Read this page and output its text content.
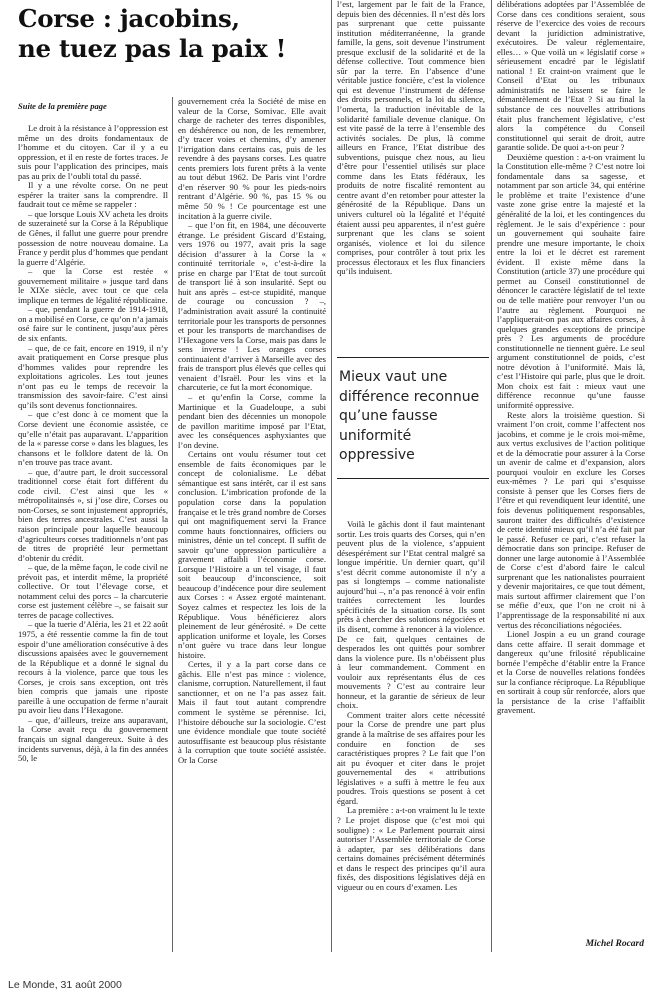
Corse : jacobins,
ne tuez pas la paix !
Suite de la première page

Le droit à la résistance à l’oppression est même un des droits fondamentaux de l’homme et du citoyen. Car il y a eu oppression, et il en reste de fortes traces. Je suis pour l’application des principes, mais pas au prix de l’oubli total du passé.

Il y a une révolte corse. On ne peut espérer la traiter sans la comprendre. Il faudrait tout ce même se rappeler :

– que lorsque Louis XV acheta les droits de suzeraineté sur la Corse à la République de Gênes, il fallut une guerre pour prendre possession de notre nouveau domaine. La France y perdit plus d’hommes que pendant la guerre d’Algérie.

– que la Corse est restée « gouvernement militaire » jusque tard dans le XIXe siècle, avec tout ce que cela implique en termes de légalité républicaine.

– que, pendant la guerre de 1914-1918, on a mobilisé en Corse, ce qu’on n’a jamais osé faire sur le continent, jusqu’aux pères de six enfants.

– que, de ce fait, encore en 1919, il n’y avait pratiquement en Corse presque plus d’hommes valides pour reprendre les exploitations agricoles. Les tout jeunes n’ont pas eu le temps de recevoir la transmission des savoir-faire. C’est ainsi qu’ils sont devenus fonctionnaires.

– que c’est donc à ce moment que la Corse devient une économie assistée, ce qu’elle n’était pas auparavant. L’apparition de la « paresse corse » dans les blagues, les chansons et le folklore datent de là. On n’en trouve pas trace avant.

– que, d’autre part, le droit successoral traditionnel corse était fort différent du code civil. C’est ainsi que les « métropolitainsés », si j’ose dire, Corses ou non-Corses, se sont injustement appropriés, bien des terres ancestrales. C’est aussi la raison principale pour laquelle beaucoup d’agriculteurs corses traditionnels n’ont pas de titres de propriété leur permettant d’obtenir du crédit.

– que, de la même façon, le code civil ne prévoit pas, et interdit même, la propriété collective. Or tout l’élevage corse, et notamment celui des porcs – la charcuterie corse est justement célèbre –, se faisait sur terres de pacage collectives.

– que la tuerie d’Aléria, les 21 et 22 août 1975, a été ressentie comme la fin de tout espoir d’une amélioration consécutive à des discussions apaisées avec le gouvernement de la République et a donné le signal du recours à la violence, parce que tous les Corses, je crois sans exception, ont très bien compris que jamais une riposte pareille à une occupation de ferme n’aurait pu avoir lieu dans l’Hexagone.

– que, d’ailleurs, treize ans auparavant, la Corse avait reçu du gouvernement français un signal dangereux. Suite à des incidents survenus, déjà, à la fin des années 50, le

gouvernement créa la Société de mise en valeur de la Corse, Somivac. Elle avait charge de racheter des terres disponibles, en déshérence ou non, de les remembrer, d’y tracer voies et chemins, d’y amener l’irrigation dans certains cas, puis de les revendre à des paysans corses. Les quatre cents premiers lots furent prêts à la vente au tout début 1962. De Paris vint l’ordre d’en réserver 90 % pour les pieds-noirs rentrant d’Algérie. 90 %, pas 15 % ou même 50 % ! Ce pourcentage est une incitation à la guerre civile.

– que l’on fit, en 1984, une découverte étrange. Le président Giscard d’Estaing, vers 1976 ou 1977, avait pris la sage décision d’assurer à la Corse la « continuité territoriale », c’est-à-dire la prise en charge par l’Etat de tout surcoût de transport lié à son insularité. Sept ou huit ans après – est-ce stupidité, manque de courage ou concussion ? –, l’administration avait assuré la continuité territoriale pour les transports de personnes et pour les transports de marchandises de l’Hexagone vers la Corse, mais pas dans le sens inverse ! Les oranges corses continuaient d’arriver à Marseille avec des frais de transport plus élevés que celles qui venaient d’Israël. Pour les vins et la charcuterie, ce fut la mort économique.

– et qu’enfin la Corse, comme la Martinique et la Guadeloupe, a subi pendant bien des décennies un monopole de pavillon maritime imposé par l’Etat, avec les conséquences asphyxiantes que l’on devine.

Certains ont voulu résumer tout cet ensemble de faits économiques par le concept de colonialisme. Le débat sémantique est sans intérêt, car il est sans conclusion. L’imbrication profonde de la population corse dans la population française et le très grand nombre de Corses qui ont magnifiquement servi la France comme hauts fonctionnaires, officiers ou ministres, dénie un tel concept. Il suffit de savoir qu’une oppression particulière a gravement affaibli l’économie corse. Lorsque l’Histoire a un tel visage, il faut soit beaucoup d’inconscience, soit beaucoup d’indécence pour dire seulement aux Corses : « Assez ergoté maintenant. Soyez calmes et respectez les lois de la République. Vous bénéficierez alors pleinement de leur générosité. » De cette application uniforme et loyale, les Corses n’ont guère vu trace dans leur longue histoire.

Certes, il y a la part corse dans ce gâchis. Elle n’est pas mince : violence, clanisme, corruption. Naturellement, il faut sanctionner, et on ne l’a pas assez fait. Mais il faut tout autant comprendre comment le système se pérennise. Ici, l’histoire débouche sur la sociologie. C’est une évidence mondiale que toute société autosuffisante est beaucoup plus résistante à la corruption que toute société assistée. Or la Corse

l’est, largement par le fait de la France, depuis bien des décennies. Il n’est dès lors pas surprenant que cette puissante institution méditerranéenne, la grande famille, la gens, soit devenue l’instrument presque exclusif de la solidarité et de la défense collective. Tout commence bien sûr par la terre. En l’absence d’une véritable justice foncière, c’est la violence qui est devenue l’instrument de défense des droits personnels, et la loi du silence, l’omerta, la traduction inévitable de la solidarité familiale devenue clanique. On est vite passé de la terre à l’ensemble des activités sociales. De plus, là comme ailleurs en France, l’Etat distribue des subventions, puisque chez nous, au lieu d’être pour l’essentiel utilisés sur place comme dans les Etats fédéraux, les produits de notre fiscalité remontent au centre avant d’en retomber pour attester la générosité de la République. Dans un univers culturel où la légalité et l’équité étaient aussi peu apparentes, il n’est guère surprenant que les clans se soient organisés, violence et loi du silence comprises, pour contrôler à tout prix les processus électoraux et les flux financiers qu’ils induisent.

Mieux vaut une différence reconnue qu’une fausse uniformité oppressive

Voilà le gâchis dont il faut maintenant sortir. Les trois quarts des Corses, qui n’en peuvent plus de la violence, s’appuient désespérément sur l’Etat central malgré sa longue impéritie. Un dernier quart, qu’il s’est décrit comme autonomiste il n’y a pas si longtemps – comme nationaliste aujourd’hui –, n’a pas renoncé à voir enfin traitées correctement les lourdes spécificités de la situation corse. Ils sont prêts à chercher des solutions négociées et ils disent, comme à renoncer à la violence. De ce fait, quelques centaines de desperados les ont quittés pour sombrer dans la violence pure. Ils n’obéissent plus à leur commandement. Comment en vouloir aux représentants élus de ces mouvements ? C’est au contraire leur honneur, et la garantie de sérieux de leur choix.

Comment traiter alors cette nécessité pour la Corse de prendre une part plus grande à la maîtrise de ses affaires pour les conduire en fonction de ses caractéristiques propres ? Le fait que l’on ait pu évoquer et citer dans le projet gouvernemental des « attributions législatives » a suffi à mettre le feu aux poudres. Trois questions se posent à cet égard.

La première : a-t-on vraiment lu le texte ? Le projet dispose que (c’est moi qui souligne) : « Le Parlement pourrait ainsi autoriser l’Assemblée territoriale de Corse à adapter, par ses délibérations dans certains domaines précisément déterminés et dans le respect des principes qu’il aura fixés, des dispositions législatives déjà en vigueur ou en cours d’examen. Les

délibérations adoptées par l’Assemblée de Corse dans ces conditions seraient, sous réserve de l’exercice des voies de recours devant la juridiction administrative, exécutoires. De valeur réglementaire, elles… » Que voilà un « législatif corse » sérieusement encadré par le législatif national ! Et craint-on vraiment que le Conseil d’Etat ou les tribunaux administratifs ne laissent se faire le démantèlement de l’Etat ? Si au final la substance de ces nouvelles attributions était plus franchement législative, c’est alors la compétence du Conseil constitutionnel qui serait de droit, autre garantie solide. De quoi a-t-on peur ?

Deuxième question : a-t-on vraiment lu la Constitution elle-même ? C’est notre loi fondamentale dans sa sagesse, et notamment par son article 34, qui entérine le problème et traite l’existence d’une vaste zone grise entre la majesté et la généralité de la loi, et les contingences du règlement. Je le sais d’expérience : pour un gouvernement qui souhaite faire prendre une mesure importante, le choix entre la loi et le décret est rarement évident. Il existe même dans la Constitution (article 37) une procédure qui permet au Conseil constitutionnel de dénoncer le caractère législatif de tel texte ou de telle matière pour renvoyer l’un ou l’autre au règlement. Pourquoi ne l’appliquerait-on pas aux affaires corses, à quelques grandes exceptions de principe près ? Les arguments de procédure constitutionnelle ne tiennent guère. Le seul argument constitutionnel de poids, c’est notre dévotion à l’uniformité. Mais là, c’est l’Histoire qui parle, plus que le droit. Mon choix est fait : mieux vaut une différence reconnue qu’une fausse uniformité oppressive.

Reste alors la troisième question. Si vraiment l’on croit, comme l’affectent nos jacobins, et comme je le crois moi-même, aux vertus exclusives de l’action politique et de la démocratie pour assurer à la Corse un avenir de calme et d’expansion, alors pourquoi vouloir en exclure les Corses eux-mêmes ? Le pari qui s’esquisse consiste à penser que les Corses fiers de l’être et qui revendiquent leur identité, une fois devenus politiquement responsables, sauront traiter des difficultés d’existence de cette identité mieux qu’il n’a été fait par le passé. Refuser ce pari, c’est refuser la démocratie dans son principe. Refuser de donner une large autonomie à l’Assemblée de Corse c’est d’abord faire le calcul surprenant que les nationalistes pourraient y devenir majoritaires, ce que tout dément, mais surtout affirmer clairement que l’on se méfie d’eux, que l’on ne croit ni à l’apprentissage de la responsabilité ni aux vertus des réconciliations négociées.

Lionel Jospin a eu un grand courage dans cette affaire. Il serait dommage et dangereux qu’une frilosité républicaine bornée l’empêche d’établir entre la France et la Corse de nouvelles relations fondées sur la confiance réciproque. La République en sortirait à coup sûr renforcée, alors que la persistance de la crise l’affaiblit gravement.

Michel Rocard
Le Monde, 31 août 2000
